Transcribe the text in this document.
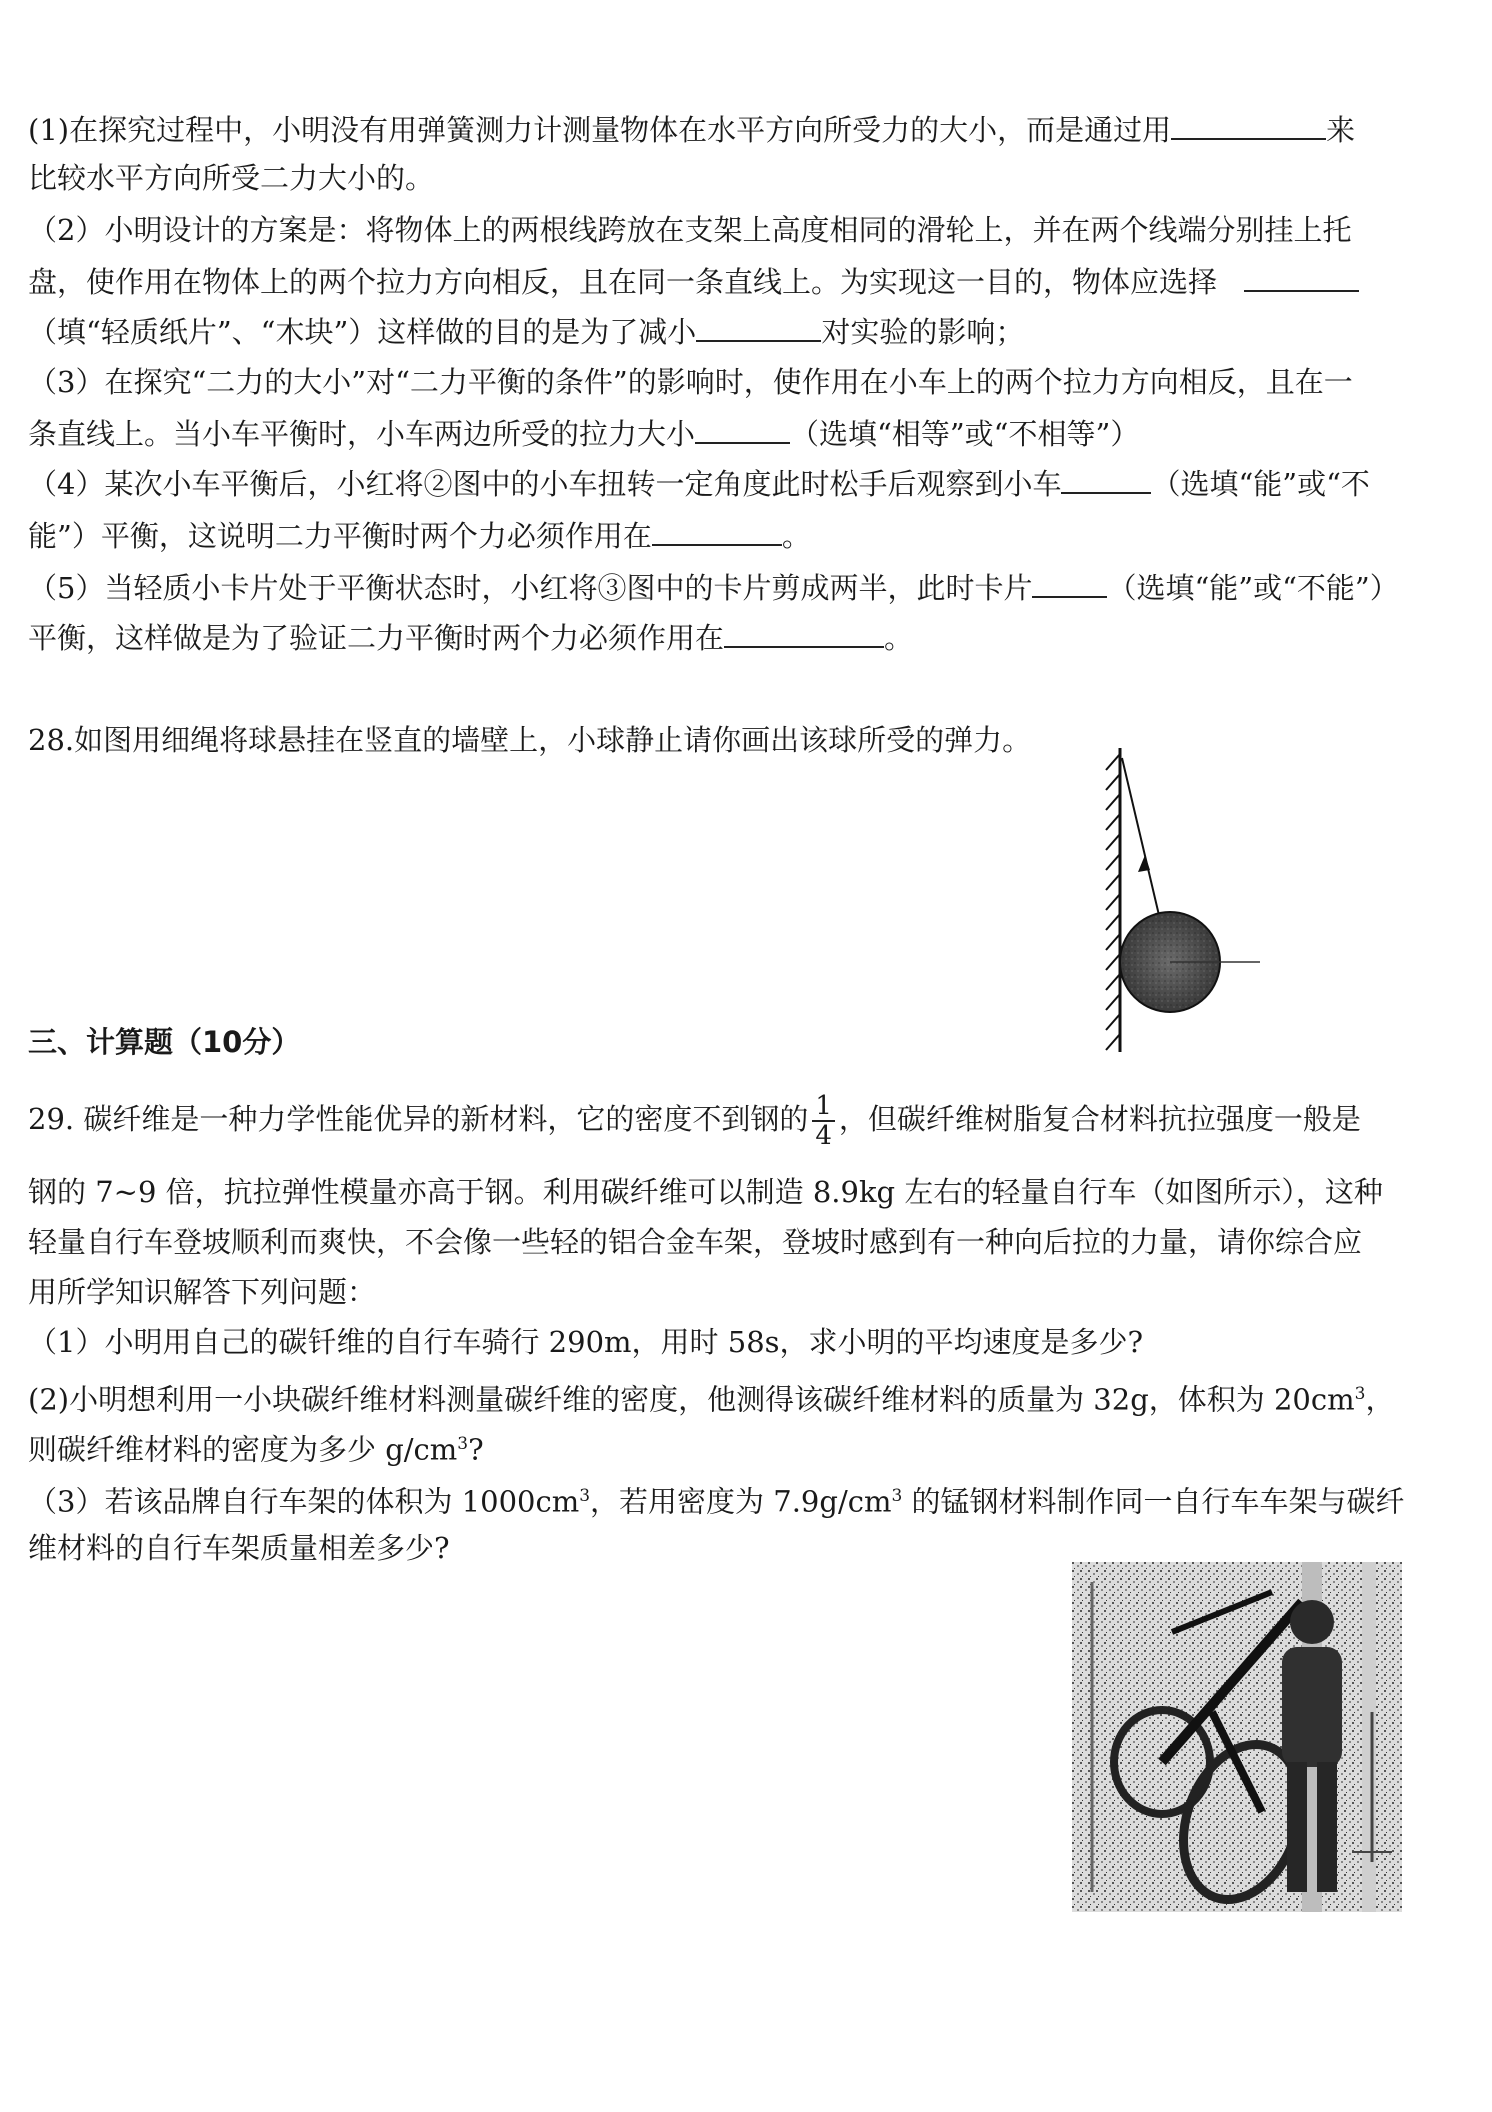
(1)在探究过程中，小明没有用弹簧测力计测量物体在水平方向所受力的大小，而是通过用	来
比较水平方向所受二力大小的。
（2）小明设计的方案是：将物体上的两根线跨放在支架上高度相同的滑轮上，并在两个线端分别挂上托
盘，使作用在物体上的两个拉力方向相反，且在同一条直线上。为实现这一目的，物体应选择
（填“轻质纸片”、“木块”）这样做的目的是为了减小	对实验的影响；
（3）在探究“二力的大小”对“二力平衡的条件”的影响时，使作用在小车上的两个拉力方向相反，且在一
条直线上。当小车平衡时，小车两边所受的拉力大小	（选填“相等”或“不相等”）
（4）某次小车平衡后，小红将②图中的小车扭转一定角度此时松手后观察到小车	（选填“能”或“不
能”）平衡，这说明二力平衡时两个力必须作用在	。
（5）当轻质小卡片处于平衡状态时，小红将③图中的卡片剪成两半，此时卡片	（选填“能”或“不能”）
平衡，这样做是为了验证二力平衡时两个力必须作用在	。
28.如图用细绳将球悬挂在竖直的墙壁上，小球静止请你画出该球所受的弹力。
三、计算题（10分）
29. 碳纤维是一种力学性能优异的新材料，它的密度不到钢的 $\frac{1}{4}$ ，但碳纤维树脂复合材料抗拉强度一般是
钢的 7~9 倍，抗拉弹性模量亦高于钢。利用碳纤维可以制造 8.9kg 左右的轻量自行车（如图所示），这种
轻量自行车登坡顺利而爽快，不会像一些轻的铝合金车架，登坡时感到有一种向后拉的力量，请你综合应
用所学知识解答下列问题：
（1）小明用自己的碳钎维的自行车骑行 290m，用时 58s，求小明的平均速度是多少?
(2)小明想利用一小块碳纤维材料测量碳纤维的密度，他测得该碳纤维材料的质量为 32g，体积为 $20cm^3$，
则碳纤维材料的密度为多少 $g/cm^3$?
（3）若该品牌自行车架的体积为 $1000cm^3$，若用密度为 $7.9g/cm^3$ 的锰钢材料制作同一自行车车架与碳纤
维材料的自行车架质量相差多少?
